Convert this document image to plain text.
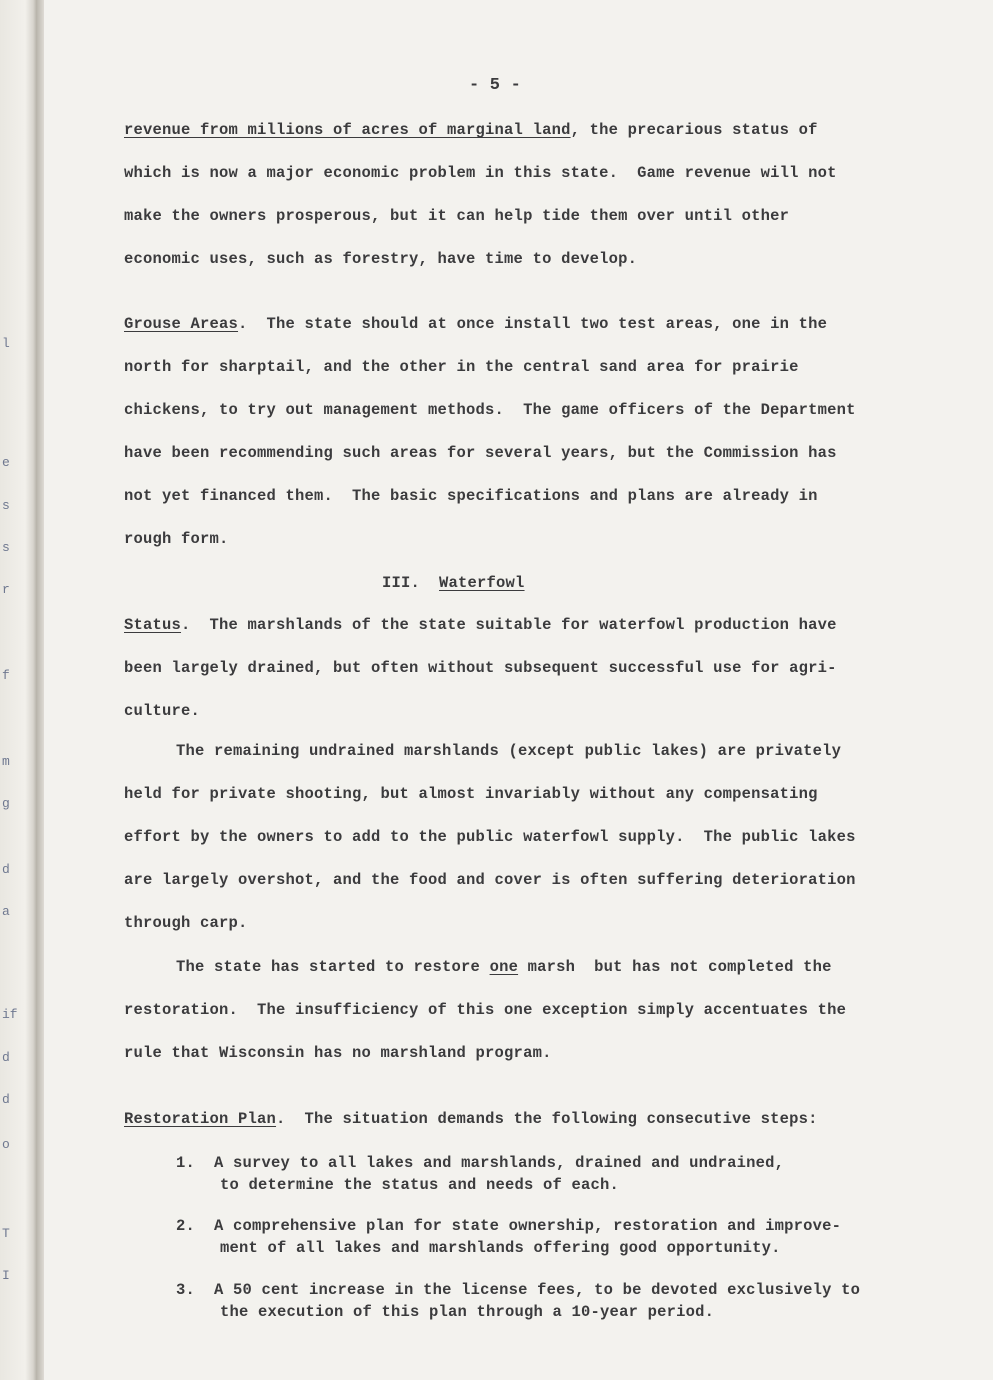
l
e
s
s
r
f
m
g
d
a
if
d
d
o
T
I

- 5 -

revenue from millions of acres of marginal land, the precarious status of

which is now a major economic problem in this state.  Game revenue will not

make the owners prosperous, but it can help tide them over until other

economic uses, such as forestry, have time to develop.

Grouse Areas.  The state should at once install two test areas, one in the

north for sharptail, and the other in the central sand area for prairie

chickens, to try out management methods.  The game officers of the Department

have been recommending such areas for several years, but the Commission has

not yet financed them.  The basic specifications and plans are already in

rough form.

III. Waterfowl

Status.  The marshlands of the state suitable for waterfowl production have

been largely drained, but often without subsequent successful use for agri-

culture.

The remaining undrained marshlands (except public lakes) are privately

held for private shooting, but almost invariably without any compensating

effort by the owners to add to the public waterfowl supply.  The public lakes

are largely overshot, and the food and cover is often suffering deterioration

through carp.

The state has started to restore one marsh  but has not completed the

restoration.  The insufficiency of this one exception simply accentuates the

rule that Wisconsin has no marshland program.

Restoration Plan.  The situation demands the following consecutive steps:

1. A survey to all lakes and marshlands, drained and undrained,

to determine the status and needs of each.

2. A comprehensive plan for state ownership, restoration and improve-

ment of all lakes and marshlands offering good opportunity.

3. A 50 cent increase in the license fees, to be devoted exclusively to

the execution of this plan through a 10-year period.
